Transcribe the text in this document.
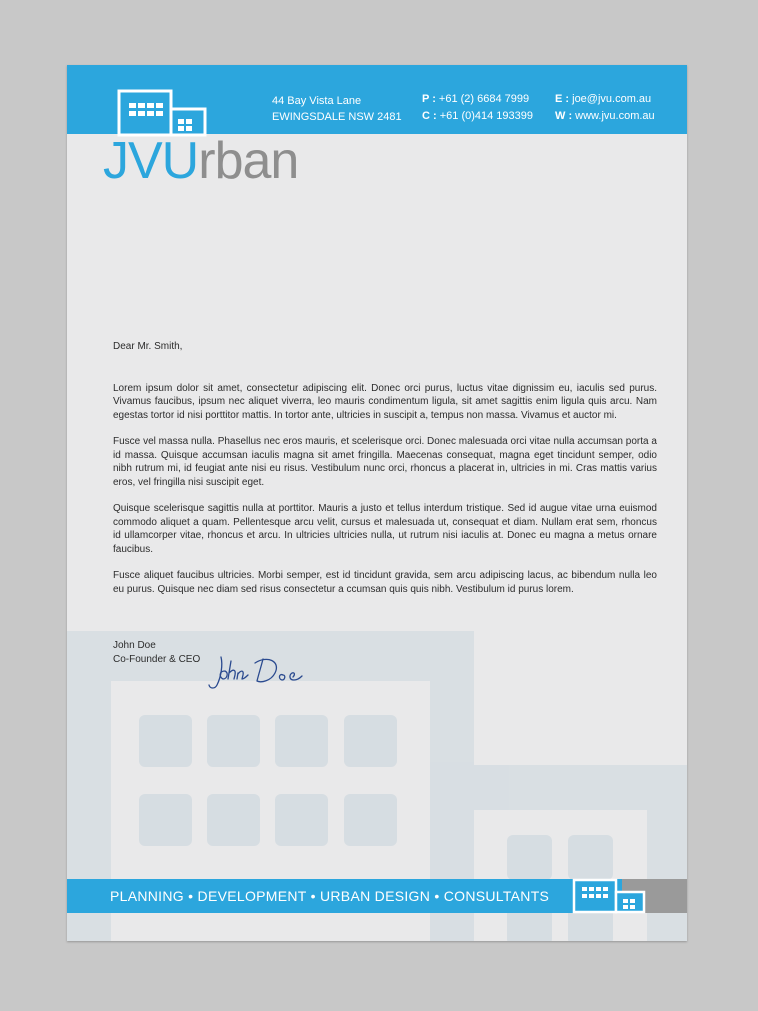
JVUrban
44 Bay Vista Lane
EWINGSDALE NSW 2481
P : +61 (2) 6684 7999
C : +61 (0)414 193399
E : joe@jvu.com.au
W : www.jvu.com.au

Dear Mr. Smith,

Lorem ipsum dolor sit amet, consectetur adipiscing elit. Donec orci purus, luctus vitae dignissim eu, iaculis sed purus. Vivamus faucibus, ipsum nec aliquet viverra, leo mauris condimentum ligula, sit amet sagittis enim ligula quis arcu. Nam egestas tortor id nisi porttitor mattis. In tortor ante, ultricies in suscipit a, tempus non massa. Vivamus et auctor mi.

Fusce vel massa nulla. Phasellus nec eros mauris, et scelerisque orci. Donec malesuada orci vitae nulla accumsan porta a id massa. Quisque accumsan iaculis magna sit amet fringilla. Maecenas consequat, magna eget tincidunt semper, odio nibh rutrum mi, id feugiat ante nisi eu risus. Vestibulum nunc orci, rhoncus a placerat in, ultricies in mi. Cras mattis varius eros, vel fringilla nisi suscipit eget.

Quisque scelerisque sagittis nulla at porttitor. Mauris a justo et tellus interdum tristique. Sed id augue vitae urna euismod commodo aliquet a quam. Pellentesque arcu velit, cursus et malesuada ut, consequat et diam. Nullam erat sem, rhoncus id ullamcorper vitae, rhoncus et arcu. In ultricies ultricies nulla, ut rutrum nisi iaculis at. Donec eu magna a metus ornare faucibus.

Fusce aliquet faucibus ultricies. Morbi semper, est id tincidunt gravida, sem arcu adipiscing lacus, ac bibendum nulla leo eu purus. Quisque nec diam sed risus consectetur a ccumsan quis quis nibh. Vestibulum id purus lorem.

John Doe
Co-Founder & CEO
PLANNING • DEVELOPMENT • URBAN DESIGN • CONSULTANTS
